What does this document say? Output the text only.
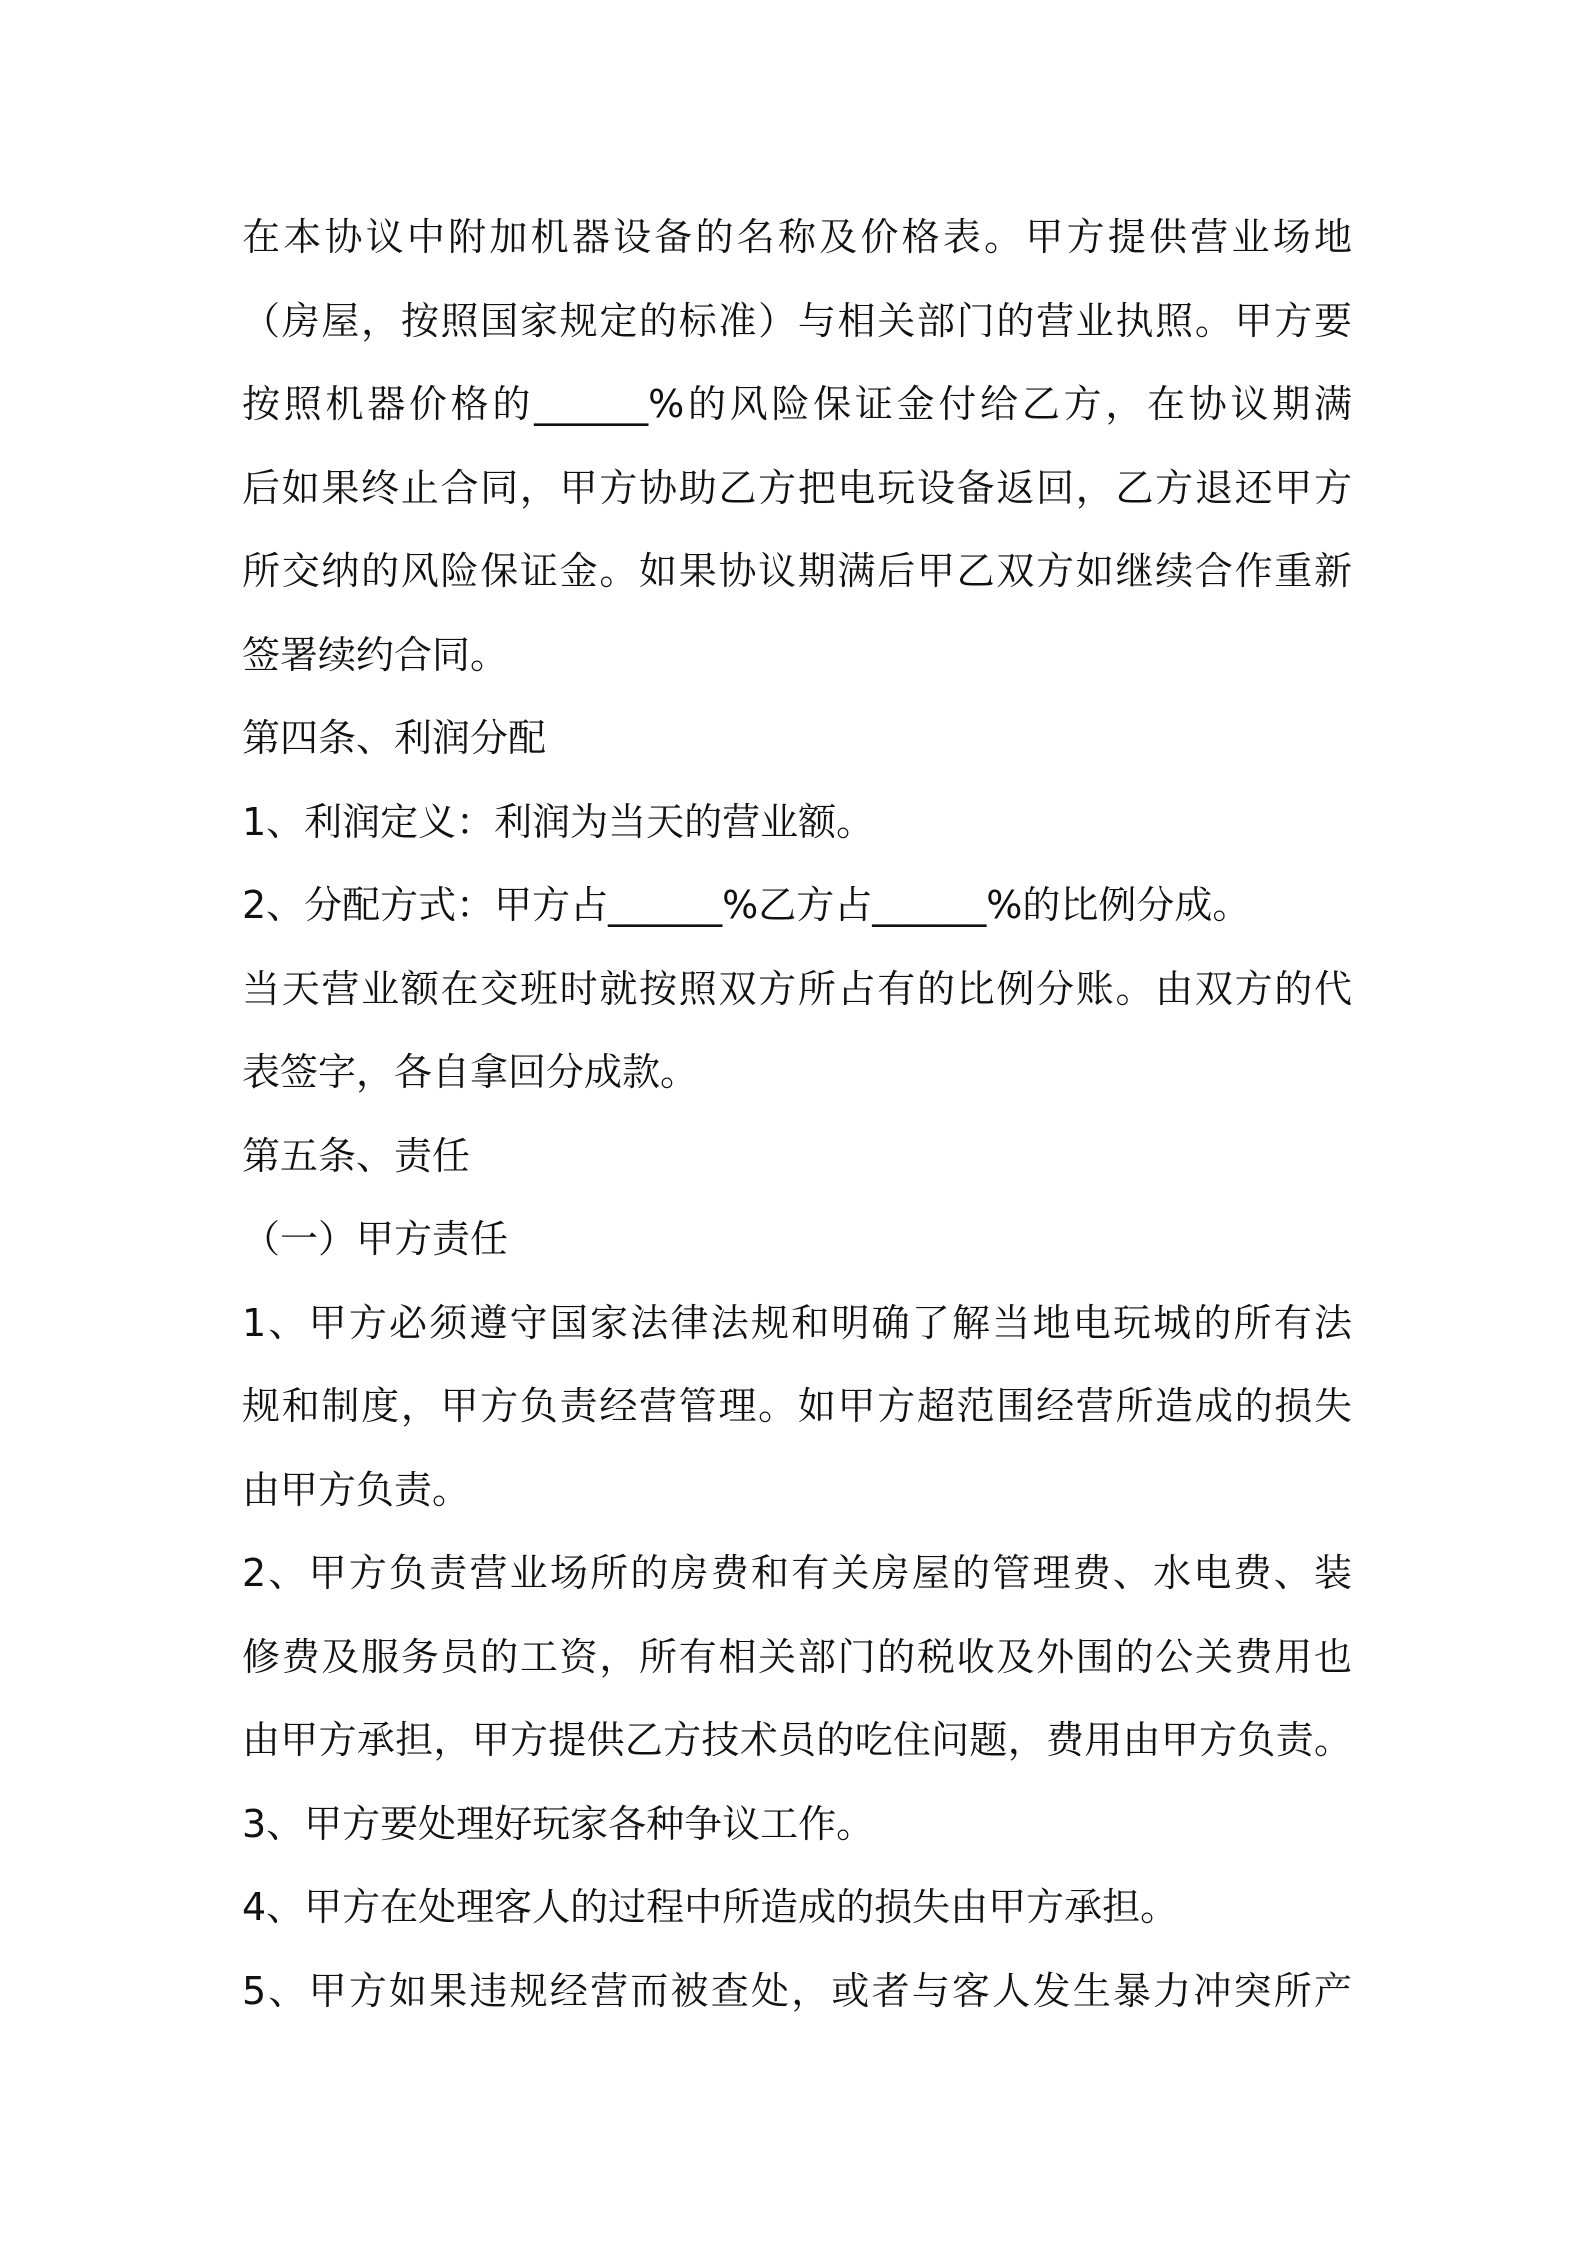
在本协议中附加机器设备的名称及价格表。甲方提供营业场地
（房屋，按照国家规定的标准）与相关部门的营业执照。甲方要
按照机器价格的______%的风险保证金付给乙方，在协议期满
后如果终止合同，甲方协助乙方把电玩设备返回，乙方退还甲方
所交纳的风险保证金。如果协议期满后甲乙双方如继续合作重新
签署续约合同。
第四条、利润分配
1、利润定义：利润为当天的营业额。
2、分配方式：甲方占______%乙方占______%的比例分成。
当天营业额在交班时就按照双方所占有的比例分账。由双方的代
表签字，各自拿回分成款。
第五条、责任
（一）甲方责任
1、甲方必须遵守国家法律法规和明确了解当地电玩城的所有法
规和制度，甲方负责经营管理。如甲方超范围经营所造成的损失
由甲方负责。
2、甲方负责营业场所的房费和有关房屋的管理费、水电费、装
修费及服务员的工资，所有相关部门的税收及外围的公关费用也
由甲方承担，甲方提供乙方技术员的吃住问题，费用由甲方负责。
3、甲方要处理好玩家各种争议工作。
4、甲方在处理客人的过程中所造成的损失由甲方承担。
5、甲方如果违规经营而被查处，或者与客人发生暴力冲突所产
